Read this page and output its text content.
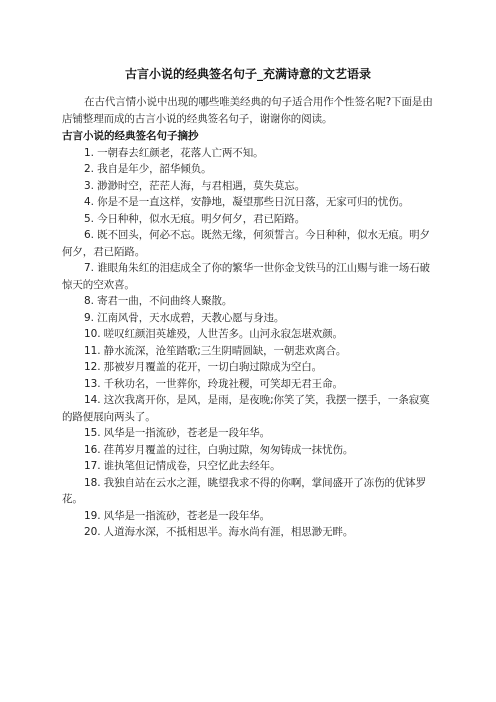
古言小说的经典签名句子_充满诗意的文艺语录

在古代言情小说中出现的哪些唯美经典的句子适合用作个性签名呢?下面是由店铺整理而成的古言小说的经典签名句子，谢谢你的阅读。

古言小说的经典签名句子摘抄
1. 一朝春去红颜老，花落人亡两不知。
2. 我自是年少，韶华倾负。
3. 渺渺时空，茫茫人海，与君相遇，莫失莫忘。
4. 你是不是一直这样，安静地，凝望那些日沉日落，无家可归的忧伤。
5. 今日种种，似水无痕。明夕何夕，君已陌路。
6. 既不回头，何必不忘。既然无缘，何须誓言。今日种种，似水无痕。明夕何夕，君已陌路。
7. 谁眼角朱红的泪痣成全了你的繁华一世你金戈铁马的江山赐与谁一场石破惊天的空欢喜。
8. 寄君一曲，不问曲终人聚散。
9. 江南风骨，天水成碧，天教心愿与身违。
10. 嗟叹红颜泪英雄殁，人世苦多。山河永寂怎堪欢颜。
11. 静水流深，沧笙踏歌;三生阴晴圆缺，一朝悲欢离合。
12. 那被岁月覆盖的花开，一切白驹过隙成为空白。
13. 千秋功名，一世葬你，玲珑社稷，可笑却无君王命。
14. 这次我离开你，是风，是雨，是夜晚;你笑了笑，我摆一摆手，一条寂寞的路便展向两头了。
15. 风华是一指流砂，苍老是一段年华。
16. 荏苒岁月覆盖的过往，白驹过隙，匆匆铸成一抹忧伤。
17. 谁执笔但记情成卷，只空忆此去经年。
18. 我独自站在云水之涯，眺望我求不得的你啊，掌间盛开了冻伤的优钵罗花。
19. 风华是一指流砂，苍老是一段年华。
20. 人道海水深，不抵相思半。海水尚有涯，相思渺无畔。
